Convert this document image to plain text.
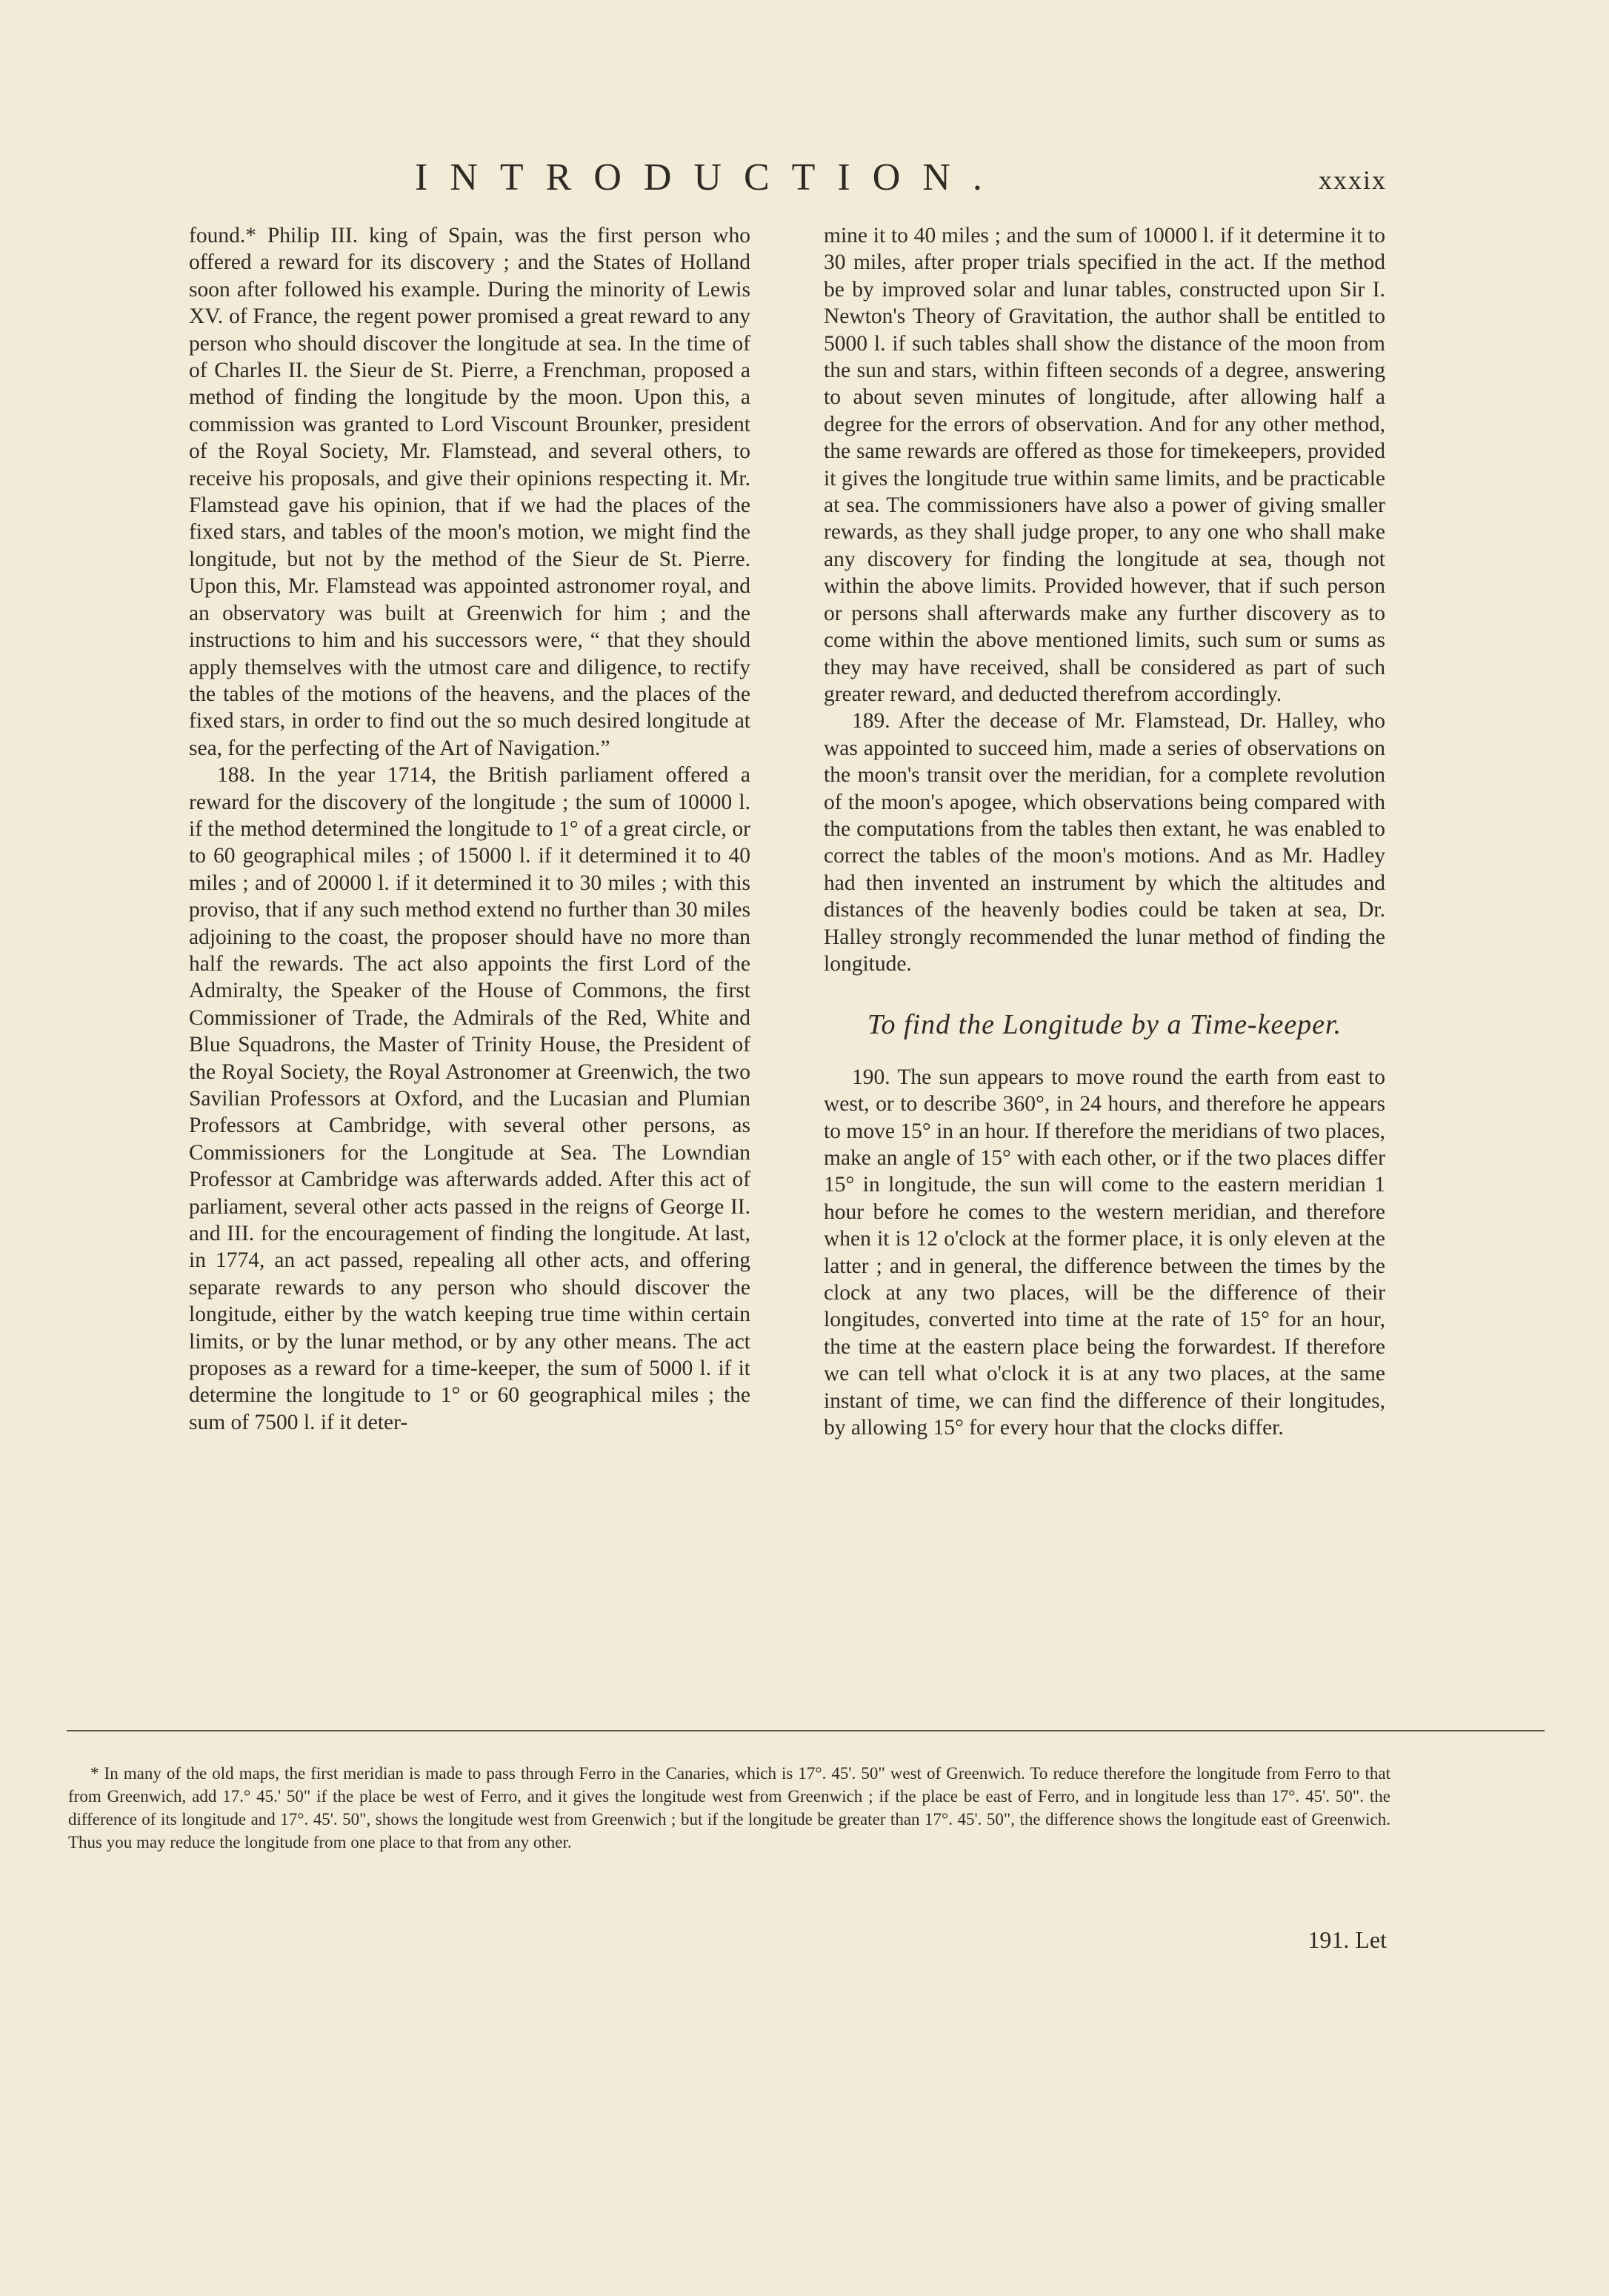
INTRODUCTION.	xxxix

found.* Philip III. king of Spain, was the first person who offered a reward for its discovery ; and the States of Holland soon after followed his example. During the minority of Lewis XV. of France, the regent power promised a great reward to any person who should discover the longitude at sea. In the time of of Charles II. the Sieur de St. Pierre, a Frenchman, proposed a method of finding the longitude by the moon. Upon this, a commission was granted to Lord Viscount Brounker, president of the Royal Society, Mr. Flamstead, and several others, to receive his proposals, and give their opinions respecting it. Mr. Flamstead gave his opinion, that if we had the places of the fixed stars, and tables of the moon's motion, we might find the longitude, but not by the method of the Sieur de St. Pierre. Upon this, Mr. Flamstead was appointed astronomer royal, and an observatory was built at Greenwich for him ; and the instructions to him and his successors were, “ that they should apply themselves with the utmost care and diligence, to rectify the tables of the motions of the heavens, and the places of the fixed stars, in order to find out the so much desired longitude at sea, for the perfecting of the Art of Navigation.”

188. In the year 1714, the British parliament offered a reward for the discovery of the longitude ; the sum of 10000 l. if the method determined the longitude to 1° of a great circle, or to 60 geographical miles ; of 15000 l. if it determined it to 40 miles ; and of 20000 l. if it determined it to 30 miles ; with this proviso, that if any such method extend no further than 30 miles adjoining to the coast, the proposer should have no more than half the rewards. The act also appoints the first Lord of the Admiralty, the Speaker of the House of Commons, the first Commissioner of Trade, the Admirals of the Red, White and Blue Squadrons, the Master of Trinity House, the President of the Royal Society, the Royal Astronomer at Greenwich, the two Savilian Professors at Oxford, and the Lucasian and Plumian Professors at Cambridge, with several other persons, as Commissioners for the Longitude at Sea. The Lowndian Professor at Cambridge was afterwards added. After this act of parliament, several other acts passed in the reigns of George II. and III. for the encouragement of finding the longitude. At last, in 1774, an act passed, repealing all other acts, and offering separate rewards to any person who should discover the longitude, either by the watch keeping true time within certain limits, or by the lunar method, or by any other means. The act proposes as a reward for a time-keeper, the sum of 5000 l. if it determine the longitude to 1° or 60 geographical miles ; the sum of 7500 l. if it deter-

mine it to 40 miles ; and the sum of 10000 l. if it determine it to 30 miles, after proper trials specified in the act. If the method be by improved solar and lunar tables, constructed upon Sir I. Newton's Theory of Gravitation, the author shall be entitled to 5000 l. if such tables shall show the distance of the moon from the sun and stars, within fifteen seconds of a degree, answering to about seven minutes of longitude, after allowing half a degree for the errors of observation. And for any other method, the same rewards are offered as those for timekeepers, provided it gives the longitude true within same limits, and be practicable at sea. The commissioners have also a power of giving smaller rewards, as they shall judge proper, to any one who shall make any discovery for finding the longitude at sea, though not within the above limits. Provided however, that if such person or persons shall afterwards make any further discovery as to come within the above mentioned limits, such sum or sums as they may have received, shall be considered as part of such greater reward, and deducted therefrom accordingly.

189. After the decease of Mr. Flamstead, Dr. Halley, who was appointed to succeed him, made a series of observations on the moon's transit over the meridian, for a complete revolution of the moon's apogee, which observations being compared with the computations from the tables then extant, he was enabled to correct the tables of the moon's motions. And as Mr. Hadley had then invented an instrument by which the altitudes and distances of the heavenly bodies could be taken at sea, Dr. Halley strongly recommended the lunar method of finding the longitude.

To find the Longitude by a Time-keeper.

190. The sun appears to move round the earth from east to west, or to describe 360°, in 24 hours, and therefore he appears to move 15° in an hour. If therefore the meridians of two places, make an angle of 15° with each other, or if the two places differ 15° in longitude, the sun will come to the eastern meridian 1 hour before he comes to the western meridian, and therefore when it is 12 o'clock at the former place, it is only eleven at the latter ; and in general, the difference between the times by the clock at any two places, will be the difference of their longitudes, converted into time at the rate of 15° for an hour, the time at the eastern place being the forwardest. If therefore we can tell what o'clock it is at any two places, at the same instant of time, we can find the difference of their longitudes, by allowing 15° for every hour that the clocks differ.

* In many of the old maps, the first meridian is made to pass through Ferro in the Canaries, which is 17°. 45'. 50" west of Greenwich. To reduce therefore the longitude from Ferro to that from Greenwich, add 17.° 45.' 50" if the place be west of Ferro, and it gives the longitude west from Greenwich ; if the place be east of Ferro, and in longitude less than 17°. 45'. 50". the difference of its longitude and 17°. 45'. 50", shows the longitude west from Greenwich ; but if the longitude be greater than 17°. 45'. 50", the difference shows the longitude east of Greenwich. Thus you may reduce the longitude from one place to that from any other.

191. Let
